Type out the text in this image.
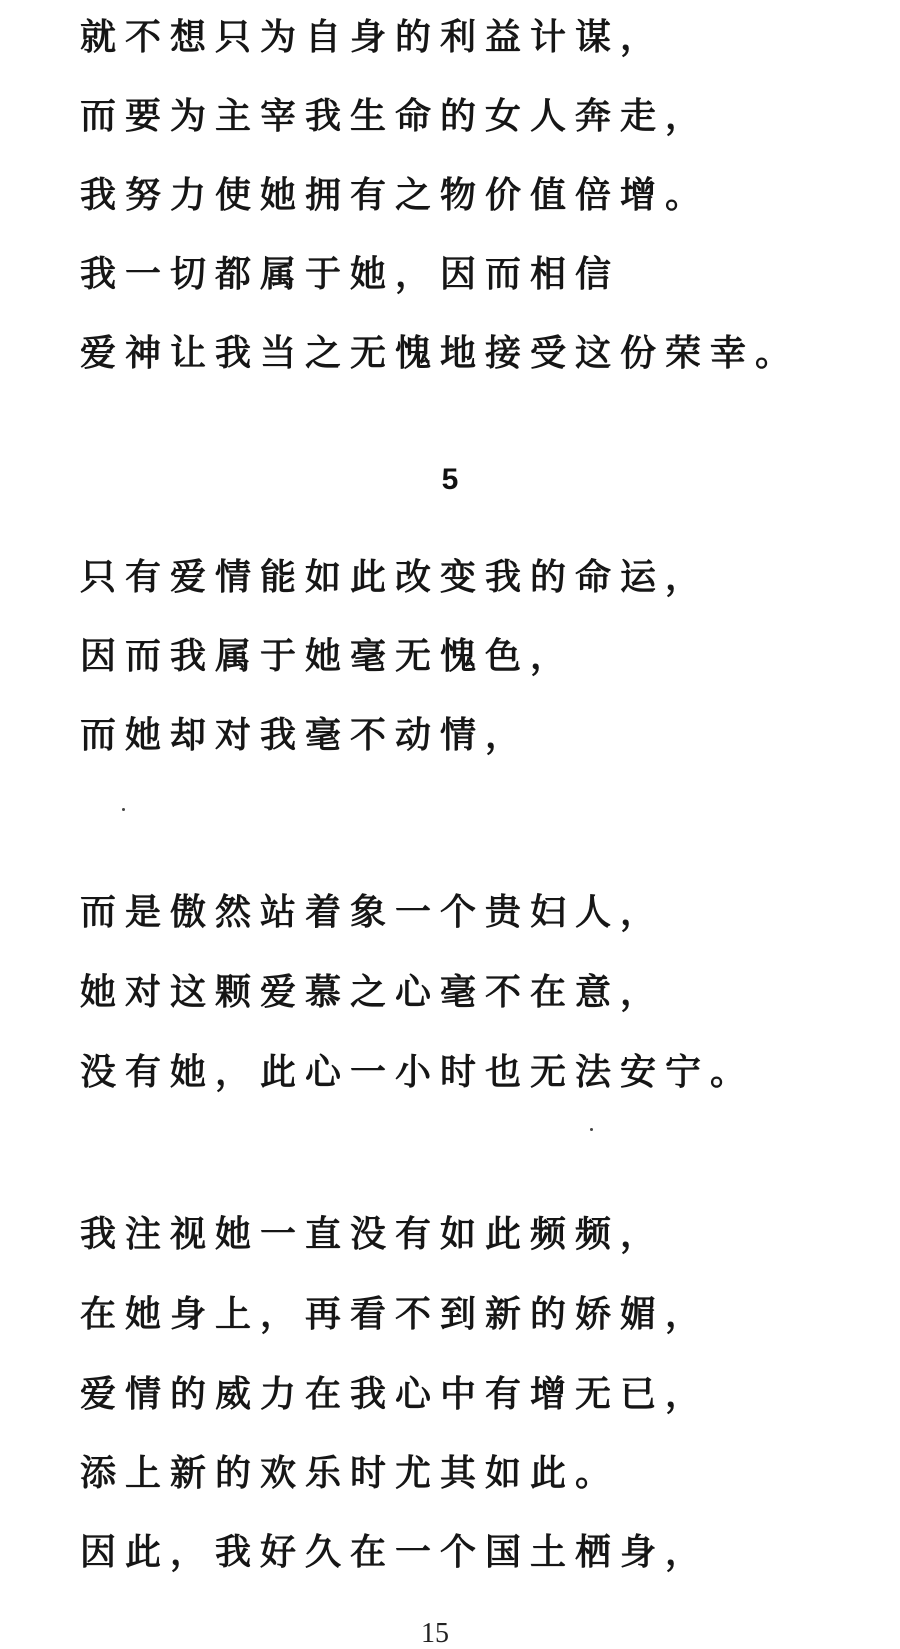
就不想只为自身的利益计谋，
而要为主宰我生命的女人奔走，
我努力使她拥有之物价值倍增。
我一切都属于她，因而相信
爱神让我当之无愧地接受这份荣幸。
5
只有爱情能如此改变我的命运，
因而我属于她毫无愧色，
而她却对我毫不动情，
而是傲然站着象一个贵妇人，
她对这颗爱慕之心毫不在意，
没有她，此心一小时也无法安宁。
我注视她一直没有如此频频，
在她身上，再看不到新的娇媚，
爱情的威力在我心中有增无已，
添上新的欢乐时尤其如此。
因此，我好久在一个国土栖身，
15
